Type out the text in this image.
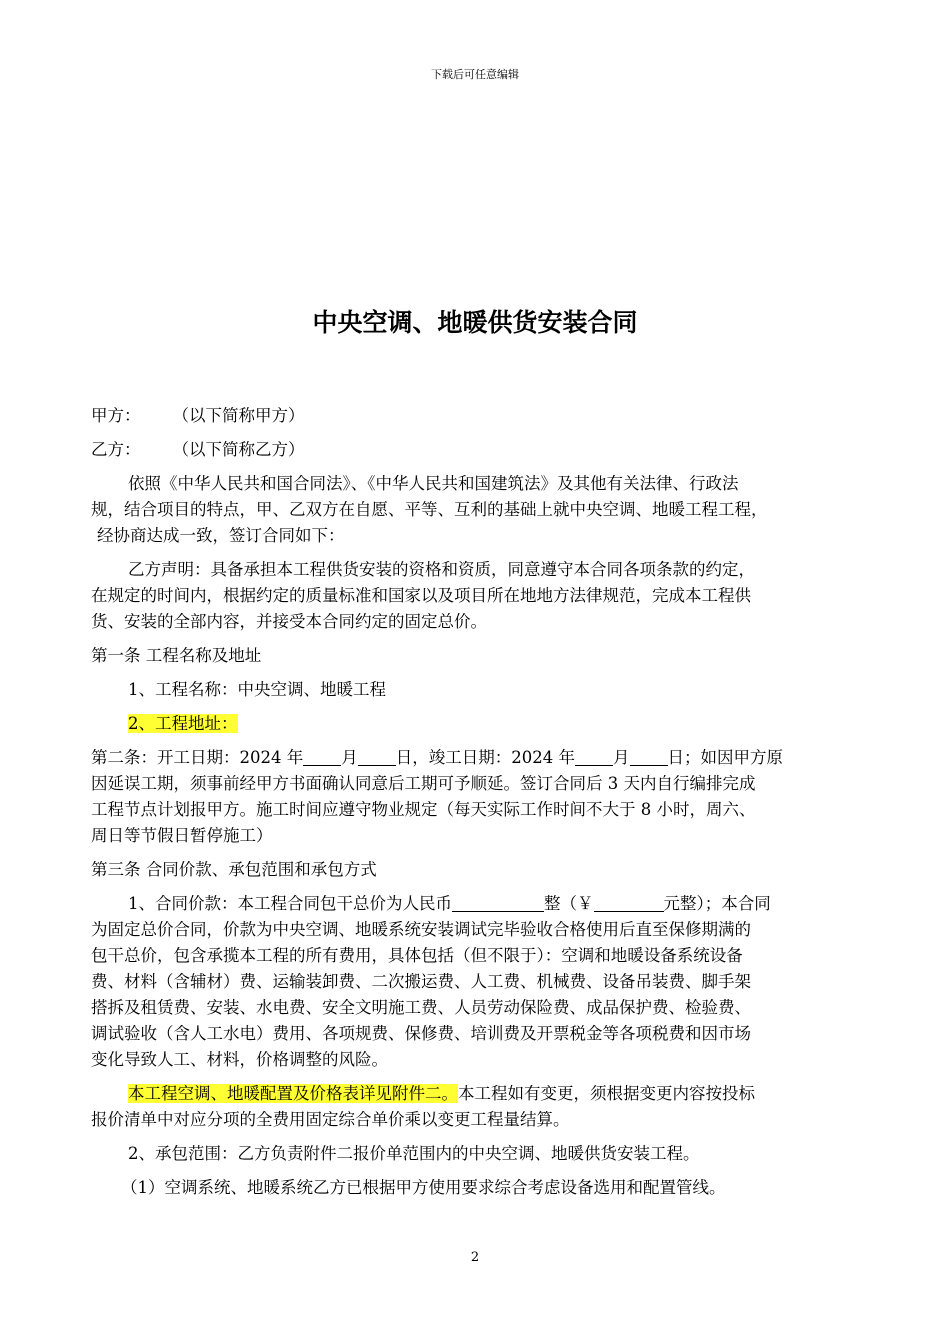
下载后可任意编辑
中央空调、地暖供货安装合同
甲方： （以下简称甲方）
乙方： （以下简称乙方）
依照《中华人民共和国合同法》、《中华人民共和国建筑法》及其他有关法律、行政法
规，结合项目的特点，甲、乙双方在自愿、平等、互利的基础上就中央空调、地暖工程工程，
经协商达成一致，签订合同如下：
乙方声明：具备承担本工程供货安装的资格和资质，同意遵守本合同各项条款的约定，
在规定的时间内，根据约定的质量标准和国家以及项目所在地地方法律规范，完成本工程供
货、安装的全部内容，并接受本合同约定的固定总价。
第一条 工程名称及地址
1、工程名称：中央空调、地暖工程
2、工程地址：
第二条：开工日期：2024 年 月 日，竣工日期：2024 年 月 日；如因甲方原
因延误工期，须事前经甲方书面确认同意后工期可予顺延。签订合同后 3 天内自行编排完成
工程节点计划报甲方。施工时间应遵守物业规定（每天实际工作时间不大于 8 小时，周六、
周日等节假日暂停施工）
第三条 合同价款、承包范围和承包方式
1、合同价款：本工程合同包干总价为人民币	整（￥	元整）；本合同
为固定总价合同，价款为中央空调、地暖系统安装调试完毕验收合格使用后直至保修期满的
包干总价，包含承揽本工程的所有费用，具体包括（但不限于）：空调和地暖设备系统设备
费、材料（含辅材）费、运输装卸费、二次搬运费、人工费、机械费、设备吊装费、脚手架
搭拆及租赁费、安装、水电费、安全文明施工费、人员劳动保险费、成品保护费、检验费、
调试验收（含人工水电）费用、各项规费、保修费、培训费及开票税金等各项税费和因市场
变化导致人工、材料，价格调整的风险。
本工程空调、地暖配置及价格表详见附件二。本工程如有变更，须根据变更内容按投标
报价清单中对应分项的全费用固定综合单价乘以变更工程量结算。
2、承包范围：乙方负责附件二报价单范围内的中央空调、地暖供货安装工程。
（1）空调系统、地暖系统乙方已根据甲方使用要求综合考虑设备选用和配置管线。
2
